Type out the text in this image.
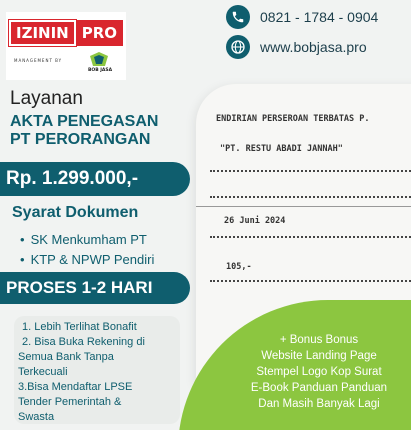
ENDIRIAN PERSEROAN TERBATAS P.
"PT. RESTU ABADI JANNAH"
26 Juni 2024
105,-
IZININ PRO
MANAGEMENT BY
BOB JASA
0821 - 1784 - 0904
www.bobjasa.pro
Layanan
AKTA PENEGASAN
PT PERORANGAN
Rp. 1.299.000,-
Syarat Dokumen
• SK Menkumham PT
• KTP & NPWP Pendiri
PROSES 1-2 HARI
1. Lebih Terlihat Bonafit
2. Bisa Buka Rekening di
Semua Bank Tanpa
Terkecuali
3.Bisa Mendaftar LPSE
Tender Pemerintah &
Swasta
+ Bonus Bonus
Website Landing Page
Stempel Logo Kop Surat
E-Book Panduan Panduan
Dan Masih Banyak Lagi
